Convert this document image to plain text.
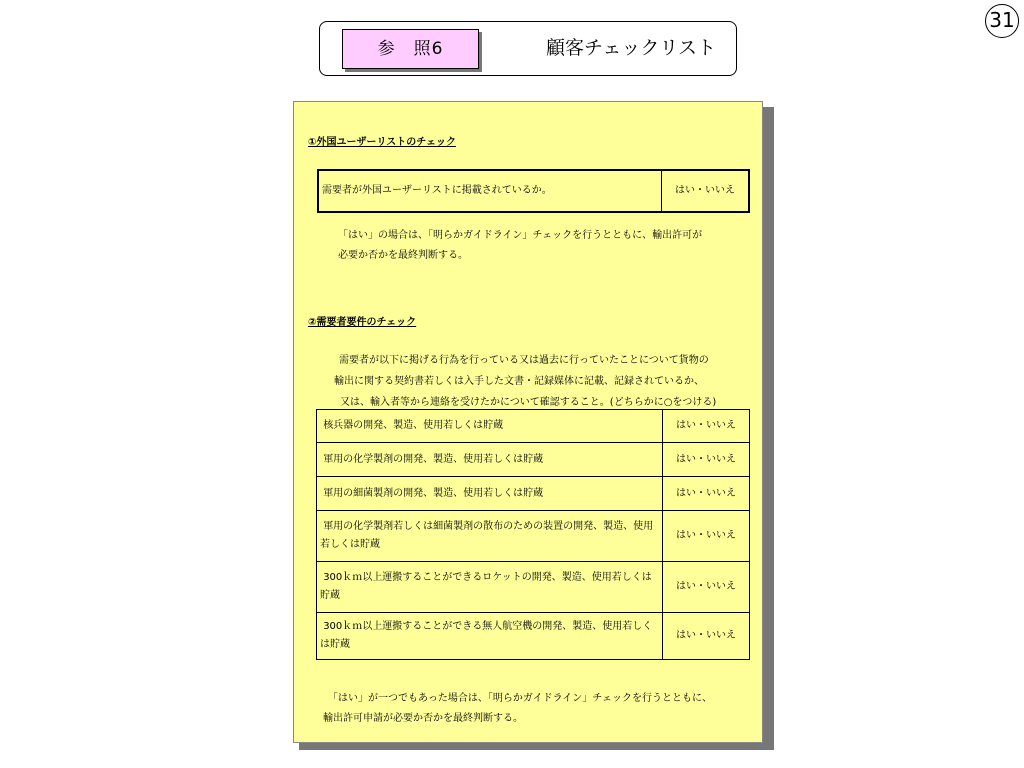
31
参　照6	顧客チェックリスト
①外国ユーザーリストのチェック
需要者が外国ユーザーリストに掲載されているか。	はい・いいえ
「はい」の場合は、「明らかガイドライン」チェックを行うとともに、輸出許可が
必要か否かを最終判断する。
②需要者要件のチェック
需要者が以下に掲げる行為を行っている又は過去に行っていたことについて貨物の
輸出に関する契約書若しくは入手した文書・記録媒体に記載、記録されているか、
又は、輸入者等から連絡を受けたかについて確認すること。(どちらかに○をつける)
核兵器の開発、製造、使用若しくは貯蔵	はい・いいえ
軍用の化学製剤の開発、製造、使用若しくは貯蔵	はい・いいえ
軍用の細菌製剤の開発、製造、使用若しくは貯蔵	はい・いいえ
軍用の化学製剤若しくは細菌製剤の散布のための装置の開発、製造、使用若しくは貯蔵	はい・いいえ
300ｋｍ以上運搬することができるロケットの開発、製造、使用若しくは貯蔵	はい・いいえ
300ｋｍ以上運搬することができる無人航空機の開発、製造、使用若しくは貯蔵	はい・いいえ
「はい」が一つでもあった場合は、「明らかガイドライン」チェックを行うとともに、
輸出許可申請が必要か否かを最終判断する。
